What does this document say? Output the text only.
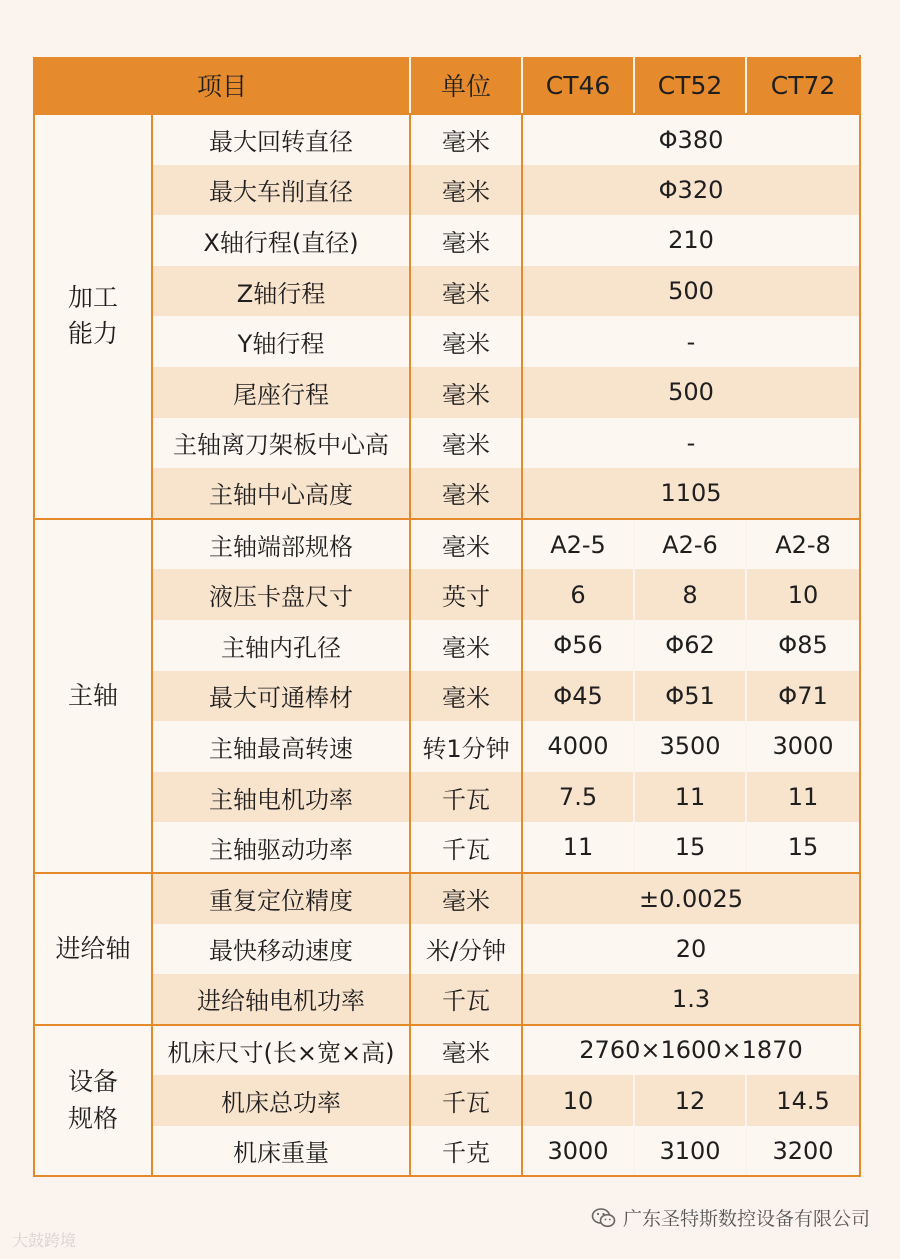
项目		单位	CT46	CT52	CT72
加工
能力	最大回转直径	毫米	Φ380		
	最大车削直径	毫米	Φ320		
	X轴行程(直径)	毫米	210		
	Z轴行程	毫米	500		
	Y轴行程	毫米	-		
	尾座行程	毫米	500		
	主轴离刀架板中心高	毫米	-		
	主轴中心高度	毫米	1105		
主轴	主轴端部规格	毫米	A2-5	A2-6	A2-8
	液压卡盘尺寸	英寸	6	8	10
	主轴内孔径	毫米	Φ56	Φ62	Φ85
	最大可通棒材	毫米	Φ45	Φ51	Φ71
	主轴最高转速	转1分钟	4000	3500	3000
	主轴电机功率	千瓦	7.5	11	11
	主轴驱动功率	千瓦	11	15	15
进给轴	重复定位精度	毫米	±0.0025		
	最快移动速度	米/分钟	20		
	进给轴电机功率	千瓦	1.3		
设备
规格	机床尺寸(长×宽×高)	毫米	2760×1600×1870		
	机床总功率	千瓦	10	12	14.5
	机床重量	千克	3000	3100	3200
广东圣特斯数控设备有限公司
大鼓跨境
